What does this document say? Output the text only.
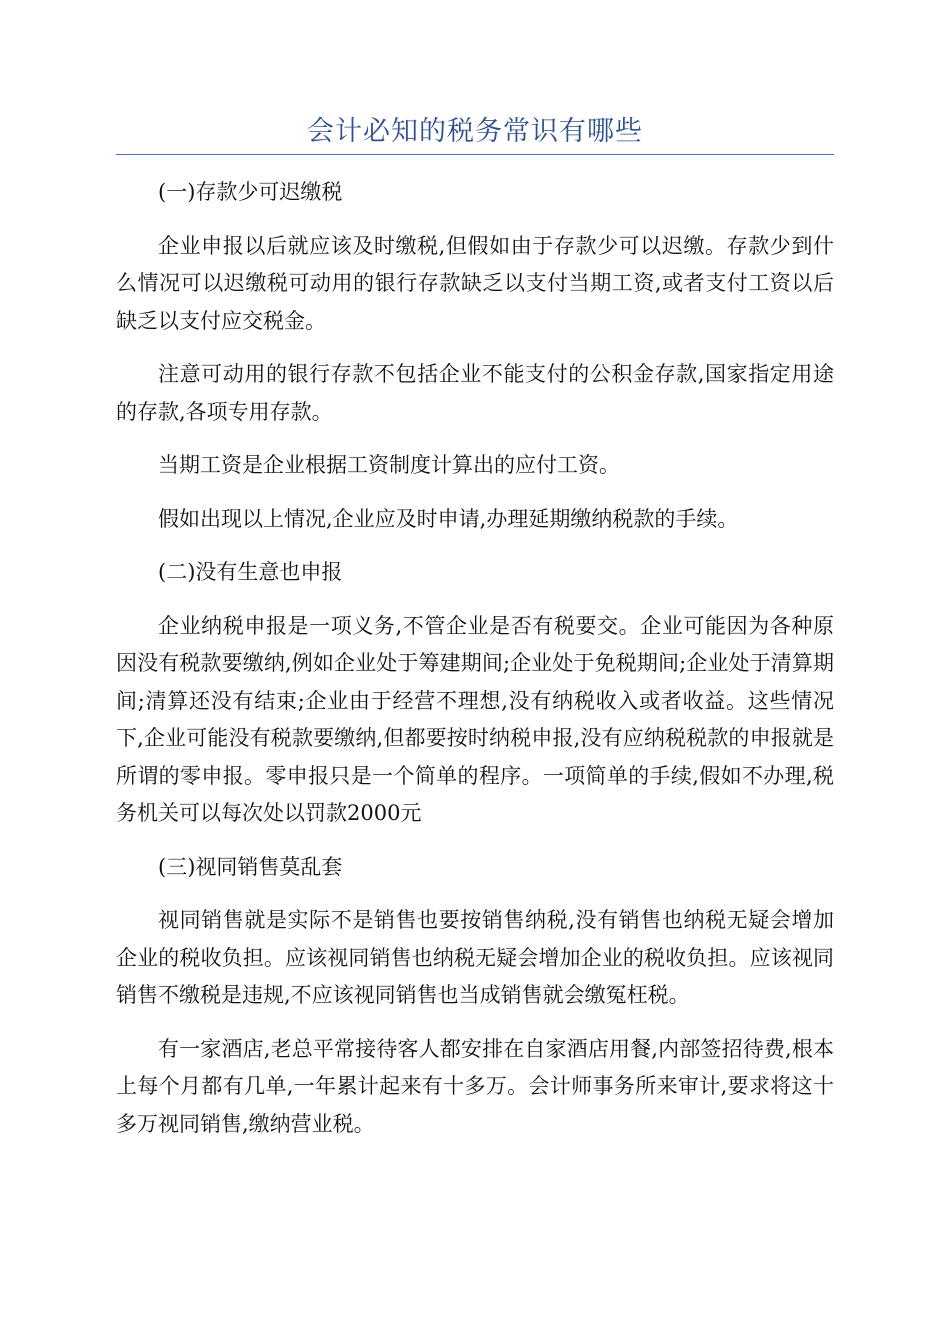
会计必知的税务常识有哪些

(一)存款少可迟缴税

企业申报以后就应该及时缴税,但假如由于存款少可以迟缴。存款少到什么情况可以迟缴税可动用的银行存款缺乏以支付当期工资,或者支付工资以后缺乏以支付应交税金。

注意可动用的银行存款不包括企业不能支付的公积金存款,国家指定用途的存款,各项专用存款。

当期工资是企业根据工资制度计算出的应付工资。

假如出现以上情况,企业应及时申请,办理延期缴纳税款的手续。

(二)没有生意也申报

企业纳税申报是一项义务,不管企业是否有税要交。企业可能因为各种原因没有税款要缴纳,例如企业处于筹建期间;企业处于免税期间;企业处于清算期间;清算还没有结束;企业由于经营不理想,没有纳税收入或者收益。这些情况下,企业可能没有税款要缴纳,但都要按时纳税申报,没有应纳税税款的申报就是所谓的零申报。零申报只是一个简单的程序。一项简单的手续,假如不办理,税务机关可以每次处以罚款2000元

(三)视同销售莫乱套

视同销售就是实际不是销售也要按销售纳税,没有销售也纳税无疑会增加企业的税收负担。应该视同销售也纳税无疑会增加企业的税收负担。应该视同销售不缴税是违规,不应该视同销售也当成销售就会缴冤枉税。

有一家酒店,老总平常接待客人都安排在自家酒店用餐,内部签招待费,根本上每个月都有几单,一年累计起来有十多万。会计师事务所来审计,要求将这十多万视同销售,缴纳营业税。
